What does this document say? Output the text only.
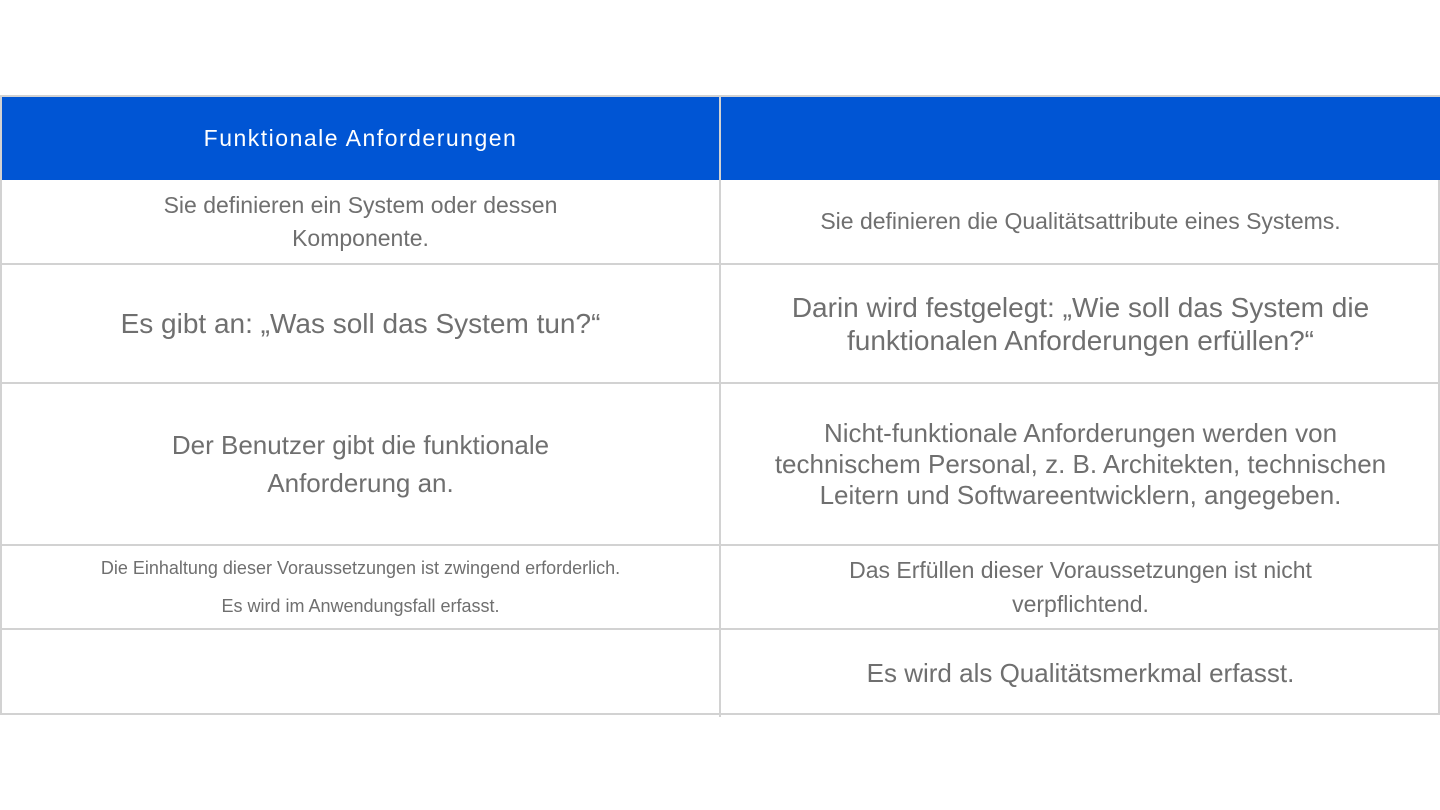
Funktionale Anforderungen
Sie definieren ein System oder dessen Komponente.
Sie definieren die Qualitätsattribute eines Systems.
Es gibt an: „Was soll das System tun?“
Darin wird festgelegt: „Wie soll das System die funktionalen Anforderungen erfüllen?“
Der Benutzer gibt die funktionale Anforderung an.
Nicht-funktionale Anforderungen werden von technischem Personal, z. B. Architekten, technischen Leitern und Softwareentwicklern, angegeben.
Die Einhaltung dieser Voraussetzungen ist zwingend erforderlich.
Es wird im Anwendungsfall erfasst.
Das Erfüllen dieser Voraussetzungen ist nicht verpflichtend.
Es wird als Qualitätsmerkmal erfasst.
